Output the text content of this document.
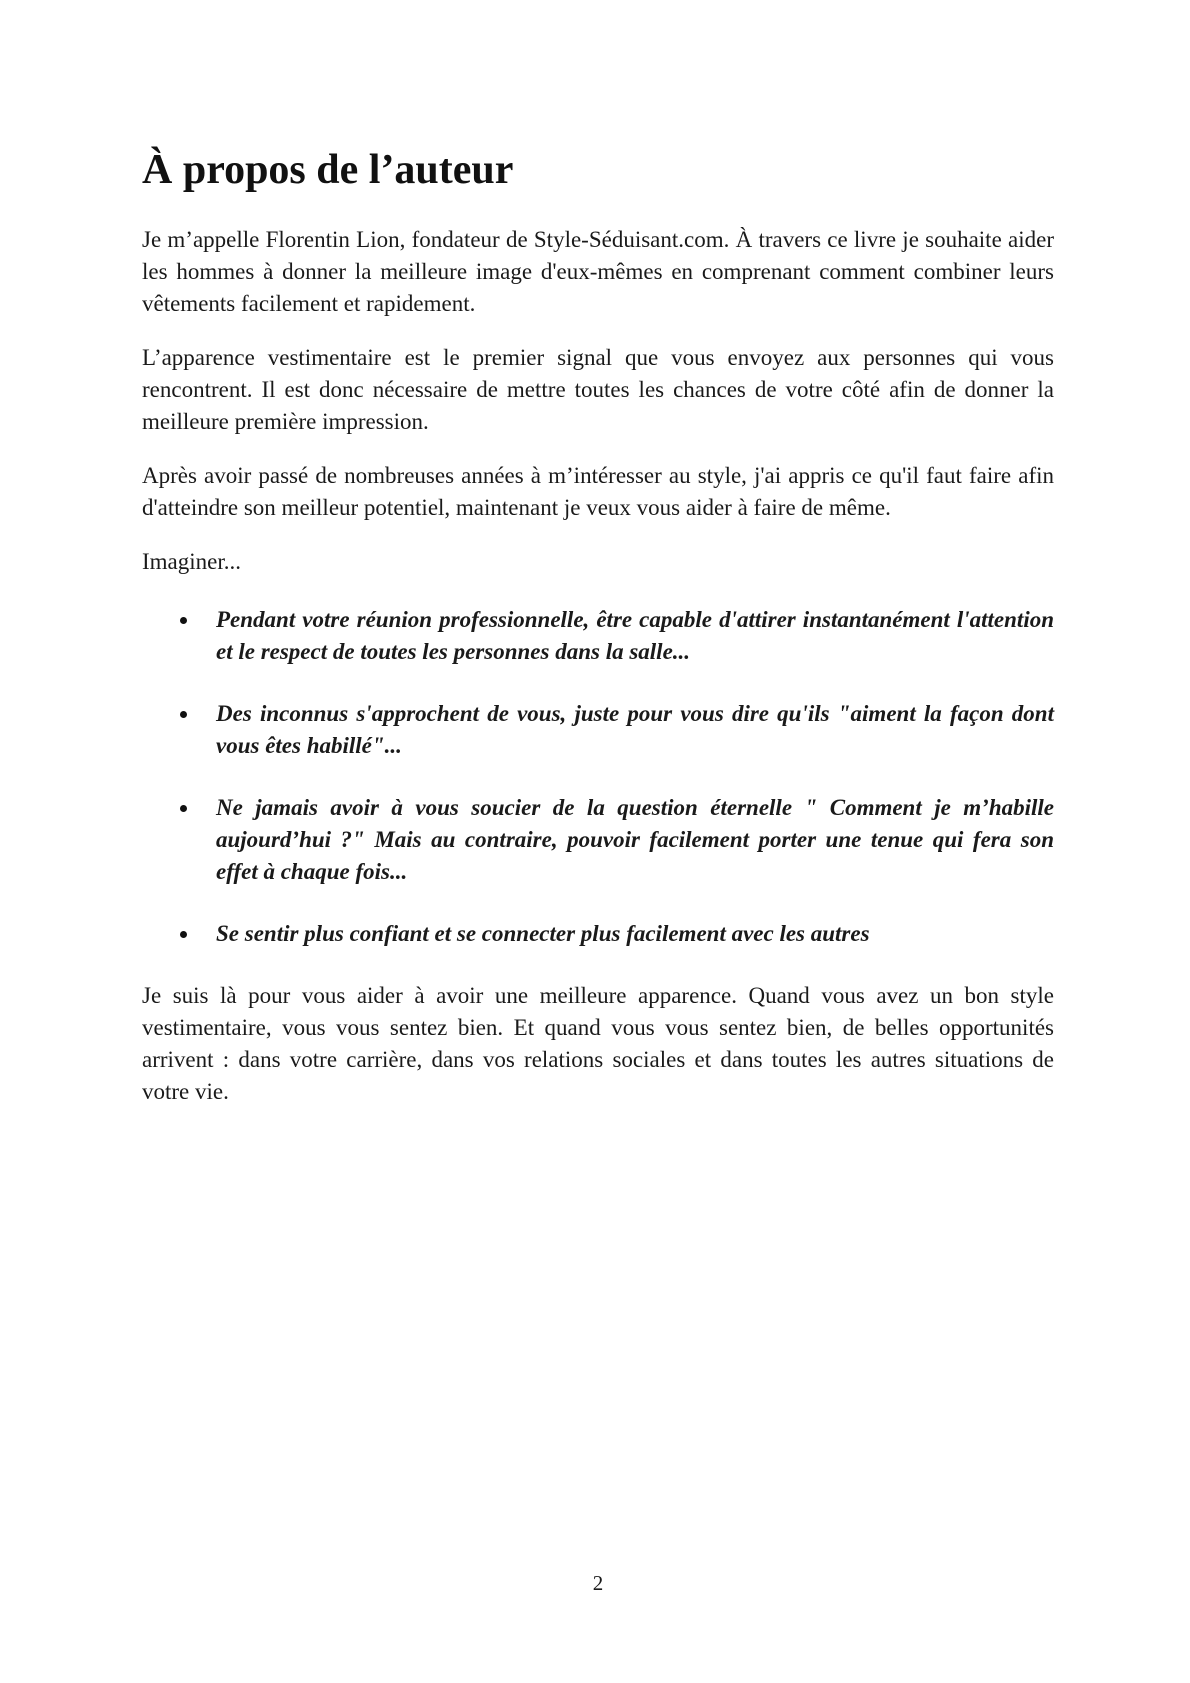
À propos de l’auteur

Je m’appelle Florentin Lion, fondateur de Style-Séduisant.com. À travers ce livre je souhaite aider les hommes à donner la meilleure image d'eux-mêmes en comprenant comment combiner leurs vêtements facilement et rapidement.

L’apparence vestimentaire est le premier signal que vous envoyez aux personnes qui vous rencontrent. Il est donc nécessaire de mettre toutes les chances de votre côté afin de donner la meilleure première impression.

Après avoir passé de nombreuses années à m’intéresser au style, j'ai appris ce qu'il faut faire afin d'atteindre son meilleur potentiel, maintenant je veux vous aider à faire de même.

Imaginer...

Pendant votre réunion professionnelle, être capable d'attirer instantanément l'attention et le respect de toutes les personnes dans la salle...
Des inconnus s'approchent de vous, juste pour vous dire qu'ils "aiment la façon dont vous êtes habillé"...
Ne jamais avoir à vous soucier de la question éternelle " Comment je m’habille aujourd’hui ?" Mais au contraire, pouvoir facilement porter une tenue qui fera son effet à chaque fois...
Se sentir plus confiant et se connecter plus facilement avec les autres

Je suis là pour vous aider à avoir une meilleure apparence. Quand vous avez un bon style vestimentaire, vous vous sentez bien. Et quand vous vous sentez bien, de belles opportunités arrivent : dans votre carrière, dans vos relations sociales et dans toutes les autres situations de votre vie.

2
